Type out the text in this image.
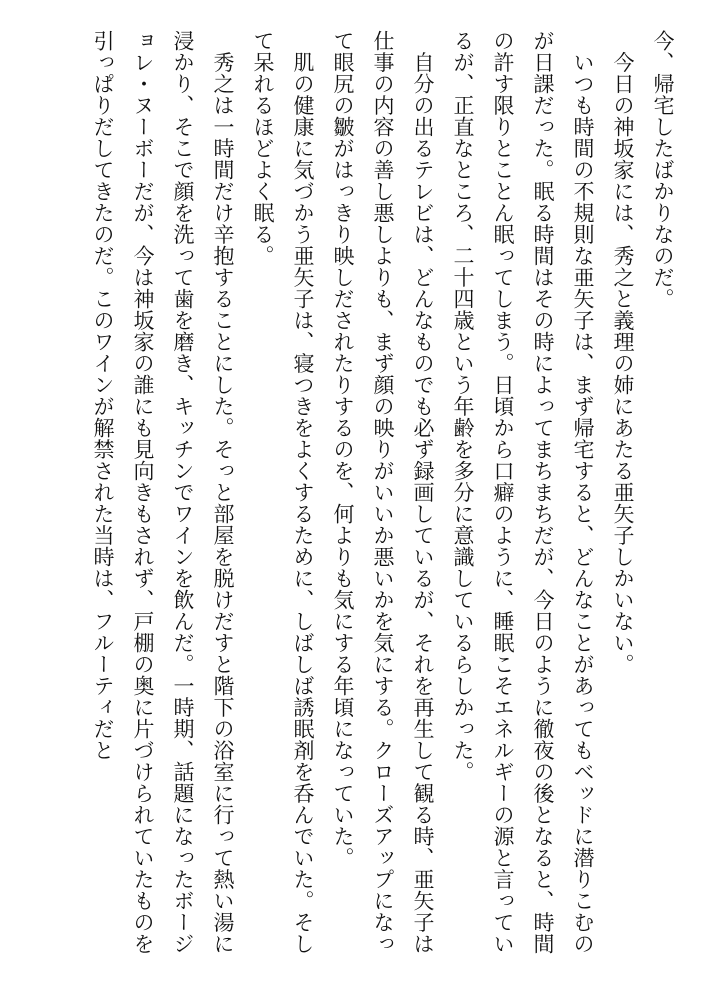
今、帰宅したばかりなのだ。

　今日の神坂家には、秀之と義理の姉にあたる亜矢子しかいない。

　いつも時間の不規則な亜矢子は、まず帰宅すると、どんなことがあってもベッドに潜りこむのが日課だった。眠る時間はその時によってまちまちだが、今日のように徹夜の後となると、時間の許す限りとことん眠ってしまう。日頃から口癖のように、睡眠こそエネルギーの源と言っているが、正直なところ、二十四歳という年齢を多分に意識しているらしかった。

　自分の出るテレビは、どんなものでも必ず録画しているが、それを再生して観る時、亜矢子は仕事の内容の善し悪しよりも、まず顔の映りがいいか悪いかを気にする。クローズアップになって眼尻の皺がはっきり映しだされたりするのを、何よりも気にする年頃になっていた。

　肌の健康に気づかう亜矢子は、寝つきをよくするために、しばしば誘眠剤を呑んでいた。そして呆れるほどよく眠る。

　秀之は一時間だけ辛抱することにした。そっと部屋を脱けだすと階下の浴室に行って熱い湯に浸かり、そこで顔を洗って歯を磨き、キッチンでワインを飲んだ。一時期、話題になったボージョレ・ヌーボーだが、今は神坂家の誰にも見向きもされず、戸棚の奥に片づけられていたものを引っぱりだしてきたのだ。このワインが解禁された当時は、フルーティだと
